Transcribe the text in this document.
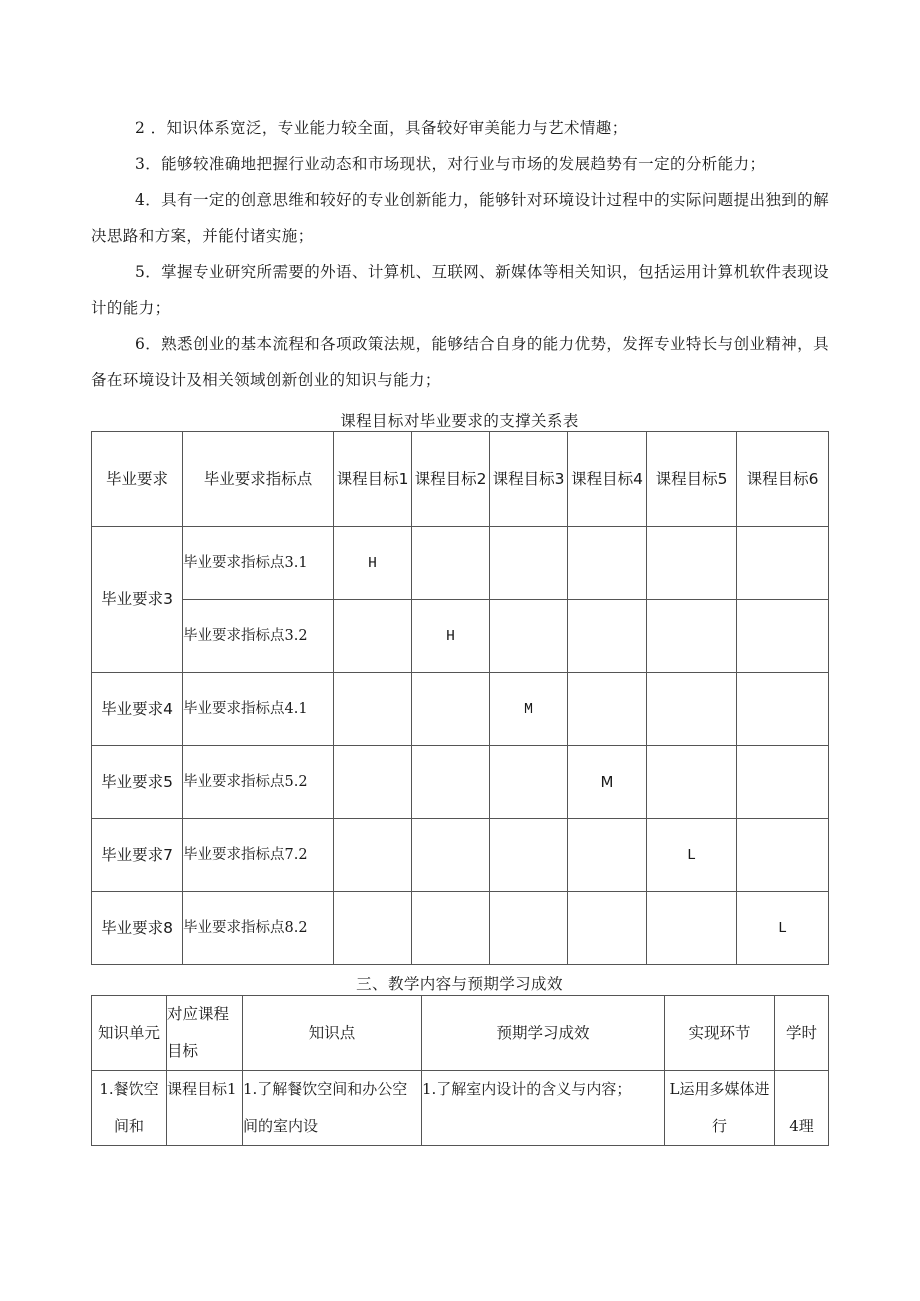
2 ．知识体系宽泛，专业能力较全面，具备较好审美能力与艺术情趣；

3．能够较准确地把握行业动态和市场现状，对行业与市场的发展趋势有一定的分析能力；

4．具有一定的创意思维和较好的专业创新能力，能够针对环境设计过程中的实际问题提出独到的解决思路和方案，并能付诸实施；

5．掌握专业研究所需要的外语、计算机、互联网、新媒体等相关知识，包括运用计算机软件表现设计的能力；

6．熟悉创业的基本流程和各项政策法规，能够结合自身的能力优势，发挥专业特长与创业精神，具备在环境设计及相关领域创新创业的知识与能力；

课程目标对毕业要求的支撑关系表
毕业要求	毕业要求指标点	课程目标1	课程目标2	课程目标3	课程目标4	课程目标5	课程目标6
毕业要求3	毕业要求指标点3.1	H					
	毕业要求指标点3.2		H				
毕业要求4	毕业要求指标点4.1			M			
毕业要求5	毕业要求指标点5.2				M		
毕业要求7	毕业要求指标点7.2					L	
毕业要求8	毕业要求指标点8.2						L
三、教学内容与预期学习成效
知识单元	对应课程目标	知识点	预期学习成效	实现环节	学时
1.餐饮空间和	课程目标1	1.了解餐饮空间和办公空间的室内设	1.了解室内设计的含义与内容；	L运用多媒体进行	4理
